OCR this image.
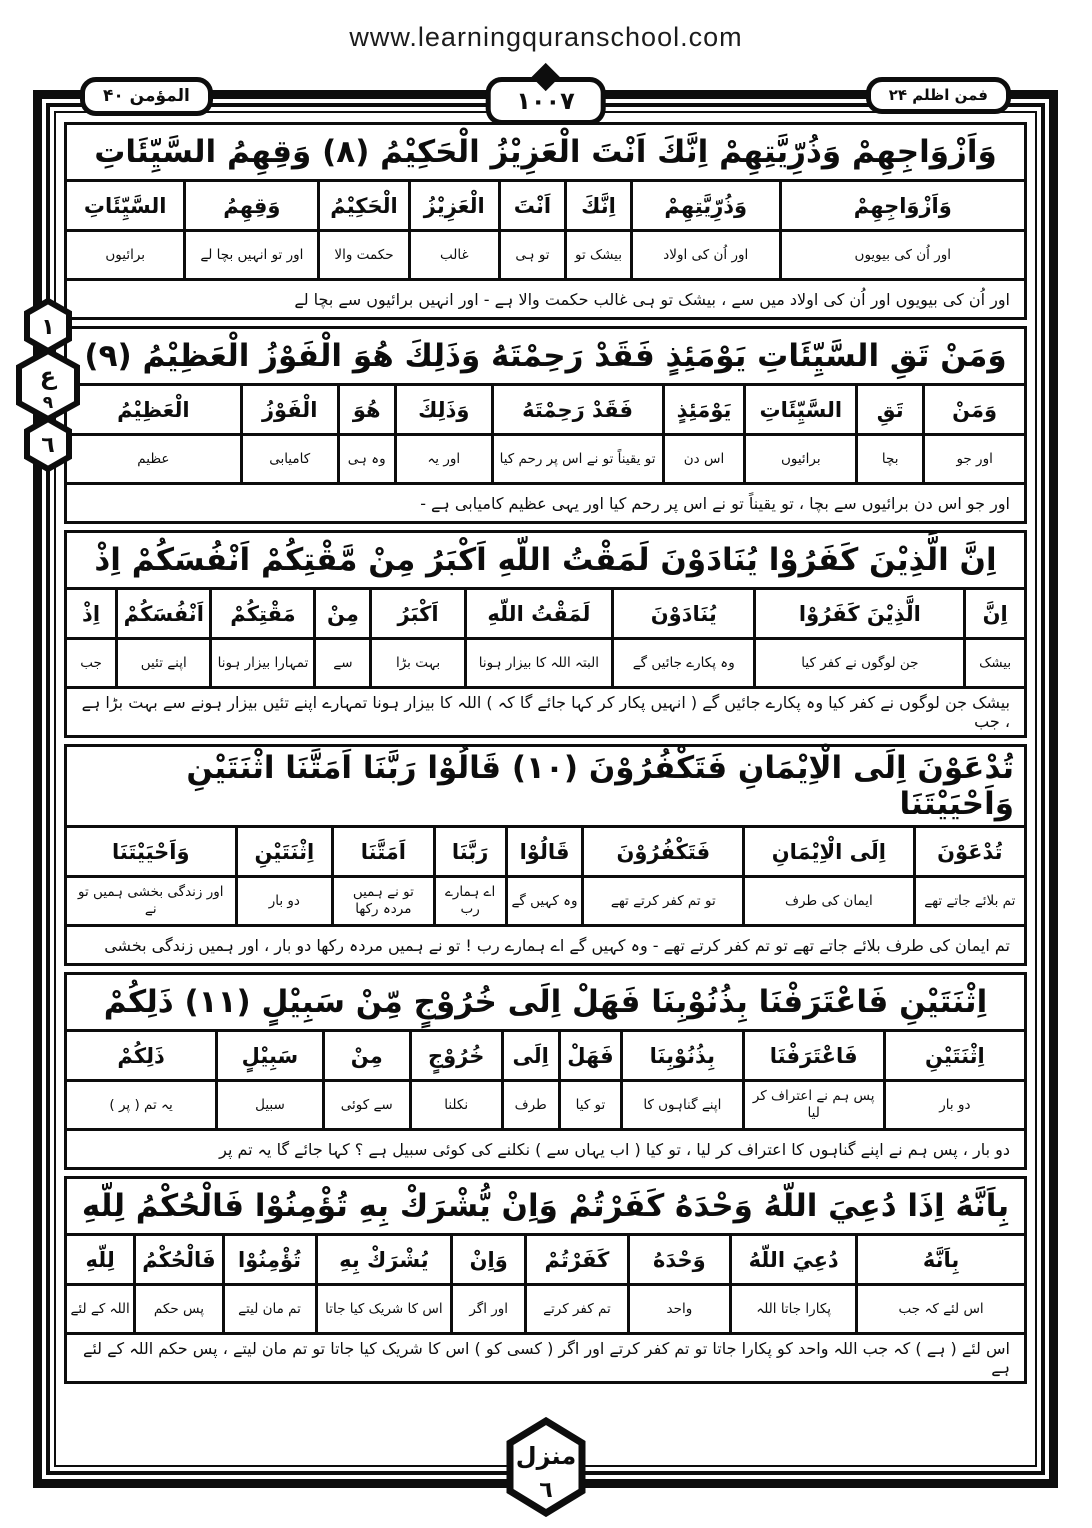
www.learningquranschool.com
المؤمن ۴۰	١٠٠٧	فمن اظلم ۲۴
١
ع
٩
٦
منزل
٦
وَاَزْوَاجِهِمْ وَذُرِّيَّتِهِمْ اِنَّكَ اَنْتَ الْعَزِيْزُ الْحَكِيْمُ (٨) وَقِهِمُ السَّيِّئَاتِ
وَاَزْوَاجِهِمْ
اور اُن کی بیویوں
وَذُرِّيَّتِهِمْ
اور اُن کی اولاد
اِنَّكَ
بیشک تو
اَنْتَ
تو ہی
الْعَزِيْزُ
غالب
الْحَكِيْمُ
حکمت والا
وَقِهِمُ
اور تو انہیں بچا لے
السَّيِّئَاتِ
برائیوں
اور اُن کی بیویوں اور اُن کی اولاد میں سے ، بیشک تو ہی غالب حکمت والا ہے - اور انہیں برائیوں سے بچا لے
وَمَنْ تَقِ السَّيِّئَاتِ يَوْمَئِذٍ فَقَدْ رَحِمْتَهُ وَذَلِكَ هُوَ الْفَوْزُ الْعَظِيْمُ (٩)
وَمَنْ
اور جو
تَقِ
بچا
السَّيِّئَاتِ
برائیوں
يَوْمَئِذٍ
اس دن
فَقَدْ رَحِمْتَهُ
تو یقیناً تو نے اس پر رحم کیا
وَذَلِكَ
اور یہ
هُوَ
وہ ہی
الْفَوْزُ
کامیابی
الْعَظِيْمُ
عظیم
اور جو اس دن برائیوں سے بچا ، تو یقیناً تو نے اس پر رحم کیا اور یہی عظیم کامیابی ہے -
اِنَّ الَّذِيْنَ كَفَرُوْا يُنَادَوْنَ لَمَقْتُ اللّهِ اَكْبَرُ مِنْ مَّقْتِكُمْ اَنْفُسَكُمْ اِذْ
اِنَّ
بیشک
الَّذِيْنَ كَفَرُوْا
جن لوگوں نے کفر کیا
يُنَادَوْنَ
وہ پکارے جائیں گے
لَمَقْتُ اللّهِ
البتہ اللہ کا بیزار ہونا
اَكْبَرُ
بہت بڑا
مِنْ
سے
مَقْتِكُمْ
تمہارا بیزار ہونا
اَنْفُسَكُمْ
اپنے تئیں
اِذْ
جب
بیشک جن لوگوں نے کفر کیا وہ پکارے جائیں گے ( انہیں پکار کر کہا جائے گا کہ ) اللہ کا بیزار ہونا تمہارے اپنے تئیں بیزار ہونے سے بہت بڑا ہے ، جب
تُدْعَوْنَ اِلَى الْاِيْمَانِ فَتَكْفُرُوْنَ (١٠) قَالُوْا رَبَّنَا اَمَتَّنَا اثْنَتَيْنِ وَاَحْيَيْتَنَا
تُدْعَوْنَ
تم بلائے جاتے تھے
اِلَى الْاِيْمَانِ
ایمان کی طرف
فَتَكْفُرُوْنَ
تو تم کفر کرتے تھے
قَالُوْا
وہ کہیں گے
رَبَّنَا
اے ہمارے رب
اَمَتَّنَا
تو نے ہمیں مردہ رکھا
اِثْنَتَيْنِ
دو بار
وَاَحْيَيْتَنَا
اور زندگی بخشی ہمیں تو نے
تم ایمان کی طرف بلائے جاتے تھے تو تم کفر کرتے تھے - وہ کہیں گے اے ہمارے رب ! تو نے ہمیں مردہ رکھا دو بار ، اور ہمیں زندگی بخشی
اِثْنَتَيْنِ فَاعْتَرَفْنَا بِذُنُوْبِنَا فَهَلْ اِلَى خُرُوْجٍ مِّنْ سَبِيْلٍ (١١) ذَلِكُمْ
اِثْنَتَيْنِ
دو بار
فَاعْتَرَفْنَا
پس ہم نے اعتراف کر لیا
بِذُنُوْبِنَا
اپنے گناہوں کا
فَهَلْ
تو کیا
اِلَى
طرف
خُرُوْجٍ
نکلنا
مِنْ
سے کوئی
سَبِيْلٍ
سبیل
ذَلِكُمْ
یہ تم ( پر )
دو بار ، پس ہم نے اپنے گناہوں کا اعتراف کر لیا ، تو کیا ( اب یہاں سے ) نکلنے کی کوئی سبیل ہے ؟ کہا جائے گا یہ تم پر
بِاَنَّهُ اِذَا دُعِيَ اللّهُ وَحْدَهُ كَفَرْتُمْ وَاِنْ يُّشْرَكْ بِهِ تُؤْمِنُوْا فَالْحُكْمُ لِلّهِ
بِاَنَّهُ
اس لئے کہ جب
دُعِيَ اللّهُ
پکارا جاتا اللہ
وَحْدَهُ
واحد
كَفَرْتُمْ
تم کفر کرتے
وَاِنْ
اور اگر
يُشْرَكْ بِهِ
اس کا شریک کیا جاتا
تُؤْمِنُوْا
تم مان لیتے
فَالْحُكْمُ
پس حکم
لِلّهِ
اللہ کے لئے
اس لئے ( ہے ) کہ جب اللہ واحد کو پکارا جاتا تو تم کفر کرتے اور اگر ( کسی کو ) اس کا شریک کیا جاتا تو تم مان لیتے ، پس حکم اللہ کے لئے ہے
